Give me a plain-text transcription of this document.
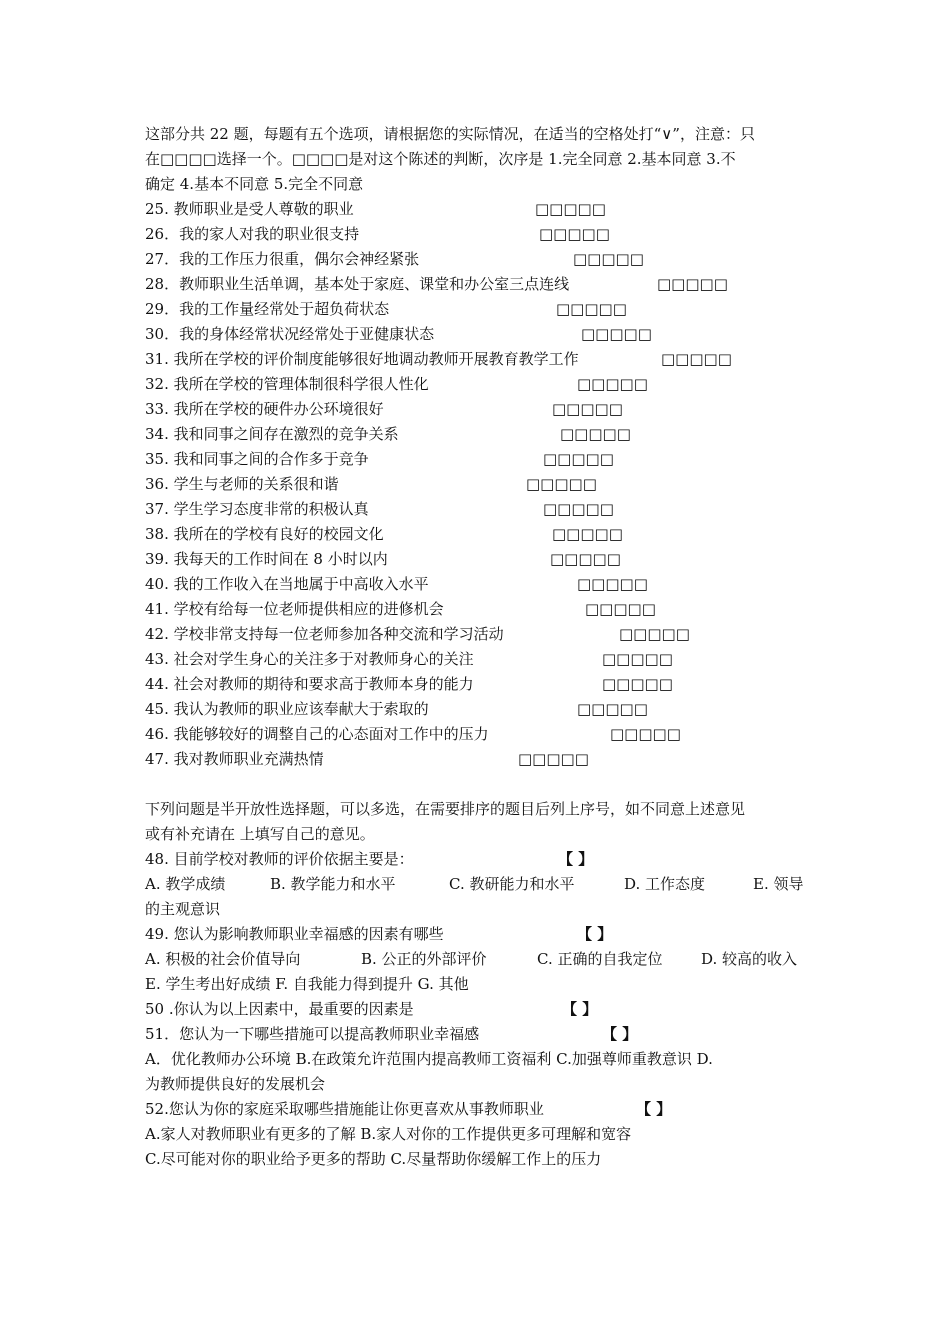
这部分共 22 题，每题有五个选项，请根据您的实际情况，在适当的空格处打“∨”，注意：只
在□□□□选择一个。□□□□是对这个陈述的判断，次序是 1.完全同意 2.基本同意 3.不
确定 4.基本不同意 5.完全不同意
25. 教师职业是受人尊敬的职业	□□□□□
26．我的家人对我的职业很支持	□□□□□
27．我的工作压力很重，偶尔会神经紧张	□□□□□
28．教师职业生活单调，基本处于家庭、课堂和办公室三点连线	□□□□□
29．我的工作量经常处于超负荷状态	□□□□□
30．我的身体经常状况经常处于亚健康状态	□□□□□
31. 我所在学校的评价制度能够很好地调动教师开展教育教学工作	□□□□□
32. 我所在学校的管理体制很科学很人性化	□□□□□
33. 我所在学校的硬件办公环境很好	□□□□□
34. 我和同事之间存在激烈的竞争关系	□□□□□
35. 我和同事之间的合作多于竞争	□□□□□
36. 学生与老师的关系很和谐	□□□□□
37. 学生学习态度非常的积极认真	□□□□□
38. 我所在的学校有良好的校园文化	□□□□□
39. 我每天的工作时间在 8 小时以内	□□□□□
40. 我的工作收入在当地属于中高收入水平	□□□□□
41. 学校有给每一位老师提供相应的进修机会	□□□□□
42. 学校非常支持每一位老师参加各种交流和学习活动	□□□□□
43. 社会对学生身心的关注多于对教师身心的关注	□□□□□
44. 社会对教师的期待和要求高于教师本身的能力	□□□□□
45. 我认为教师的职业应该奉献大于索取的	□□□□□
46. 我能够较好的调整自己的心态面对工作中的压力	□□□□□
47. 我对教师职业充满热情	□□□□□
下列问题是半开放性选择题，可以多选，在需要排序的题目后列上序号，如不同意上述意见
或有补充请在 上填写自己的意见。
48. 目前学校对教师的评价依据主要是：	【 】
A. 教学成绩	B. 教学能力和水平	C. 教研能力和水平	D. 工作态度	E. 领导
的主观意识
49. 您认为影响教师职业幸福感的因素有哪些	【 】
A. 积极的社会价值导向	B. 公正的外部评价	C. 正确的自我定位	D. 较高的收入
E. 学生考出好成绩 F. 自我能力得到提升 G. 其他
50 .你认为以上因素中，最重要的因素是	【 】
51．您认为一下哪些措施可以提高教师职业幸福感	【 】
A．优化教师办公环境 B.在政策允许范围内提高教师工资福利 C.加强尊师重教意识 D.
为教师提供良好的发展机会
52.您认为你的家庭采取哪些措施能让你更喜欢从事教师职业	【 】
A.家人对教师职业有更多的了解 B.家人对你的工作提供更多可理解和宽容
C.尽可能对你的职业给予更多的帮助 C.尽量帮助你缓解工作上的压力
